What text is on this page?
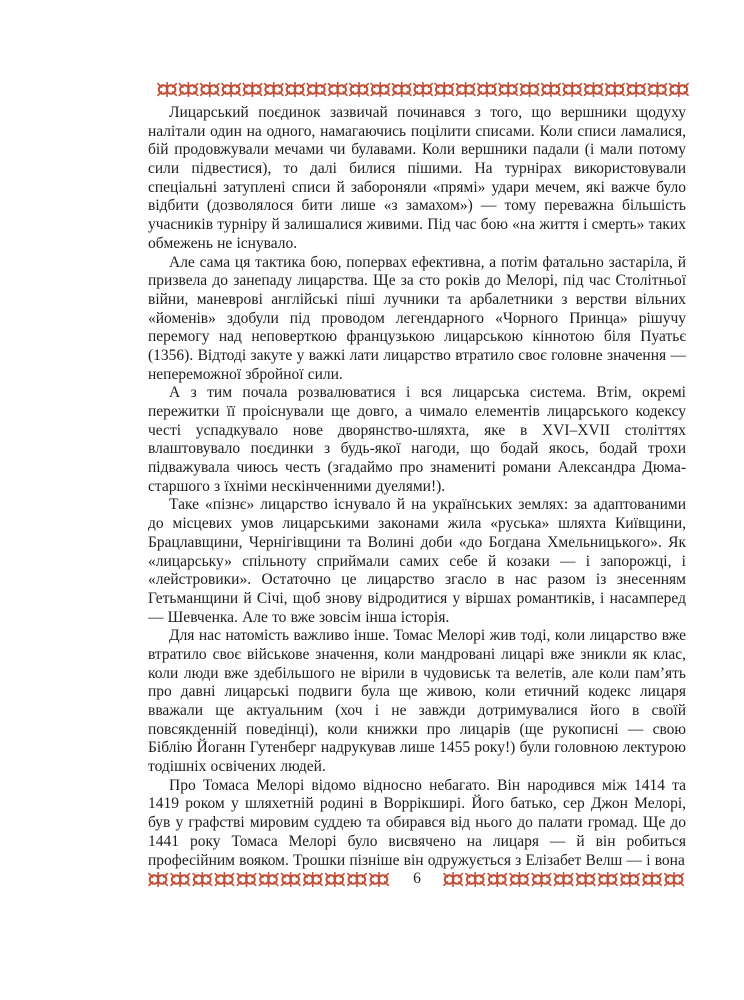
Лицарський поєдинок зазвичай починався з того, що вершники щодуху налітали один на одного, намагаючись поцілити списами. Коли списи ламалися, бій продовжували мечами чи булавами. Коли вершники падали (і мали потому сили підвестися), то далі билися пішими. На турнірах використовували спеціальні затуплені списи й забороняли «прямі» удари мечем, які важче було відбити (дозволялося бити лише «з замахом») — тому переважна більшість учасників турніру й залишалися живими. Під час бою «на життя і смерть» таких обмежень не існувало.

Але сама ця тактика бою, попервах ефективна, а потім фатально застаріла, й призвела до занепаду лицарства. Ще за сто років до Мелорі, під час Столітньої війни, маневрові англійські піші лучники та арбалетники з верстви вільних «йоменів» здобули під проводом легендарного «Чорного Принца» рішучу перемогу над неповерткою французькою лицарською кіннотою біля Пуатьє (1356). Відтоді закуте у важкі лати лицарство втратило своє головне значення — непереможної збройної сили.

А з тим почала розвалюватися і вся лицарська система. Втім, окремі пережитки її проіснували ще довго, а чимало елементів лицарського кодексу честі успадкувало нове дворянство-шляхта, яке в XVI–XVII століттях влаштовувало поєдинки з будь-якої нагоди, що бодай якось, бодай трохи підважувала чиюсь честь (згадаймо про знамениті романи Александра Дюма-старшого з їхніми нескінченними дуелями!).

Таке «пізнє» лицарство існувало й на українських землях: за адаптованими до місцевих умов лицарськими законами жила «руська» шляхта Київщини, Брацлавщини, Чернігівщини та Волині доби «до Богдана Хмельницького». Як «лицарську» спільноту сприймали самих себе й козаки — і запорожці, і «лейстровики». Остаточно це лицарство згасло в нас разом із знесенням Гетьманщини й Січі, щоб знову відродитися у віршах романтиків, і насамперед — Шевченка. Але то вже зовсім інша історія.

Для нас натомість важливо інше. Томас Мелорі жив тоді, коли лицарство вже втратило своє військове значення, коли мандровані лицарі вже зникли як клас, коли люди вже здебільшого не вірили в чудовиськ та велетів, але коли пам’ять про давні лицарські подвиги була ще живою, коли етичний кодекс лицаря вважали ще актуальним (хоч і не завжди дотримувалися його в своїй повсякденній поведінці), коли книжки про лицарів (ще рукописні — свою Біблію Йоганн Гутенберг надрукував лише 1455 року!) були головною лектурою тодішніх освічених людей.

Про Томаса Мелорі відомо відносно небагато. Він народився між 1414 та 1419 роком у шляхетній родині в Воррікширі. Його батько, сер Джон Мелорі, був у графстві мировим суддею та обирався від нього до палати громад. Ще до 1441 року Томаса Мелорі було висвячено на лицаря — й він робиться професійним вояком. Трошки пізніше він одружується з Елізабет Велш — і вона

6
